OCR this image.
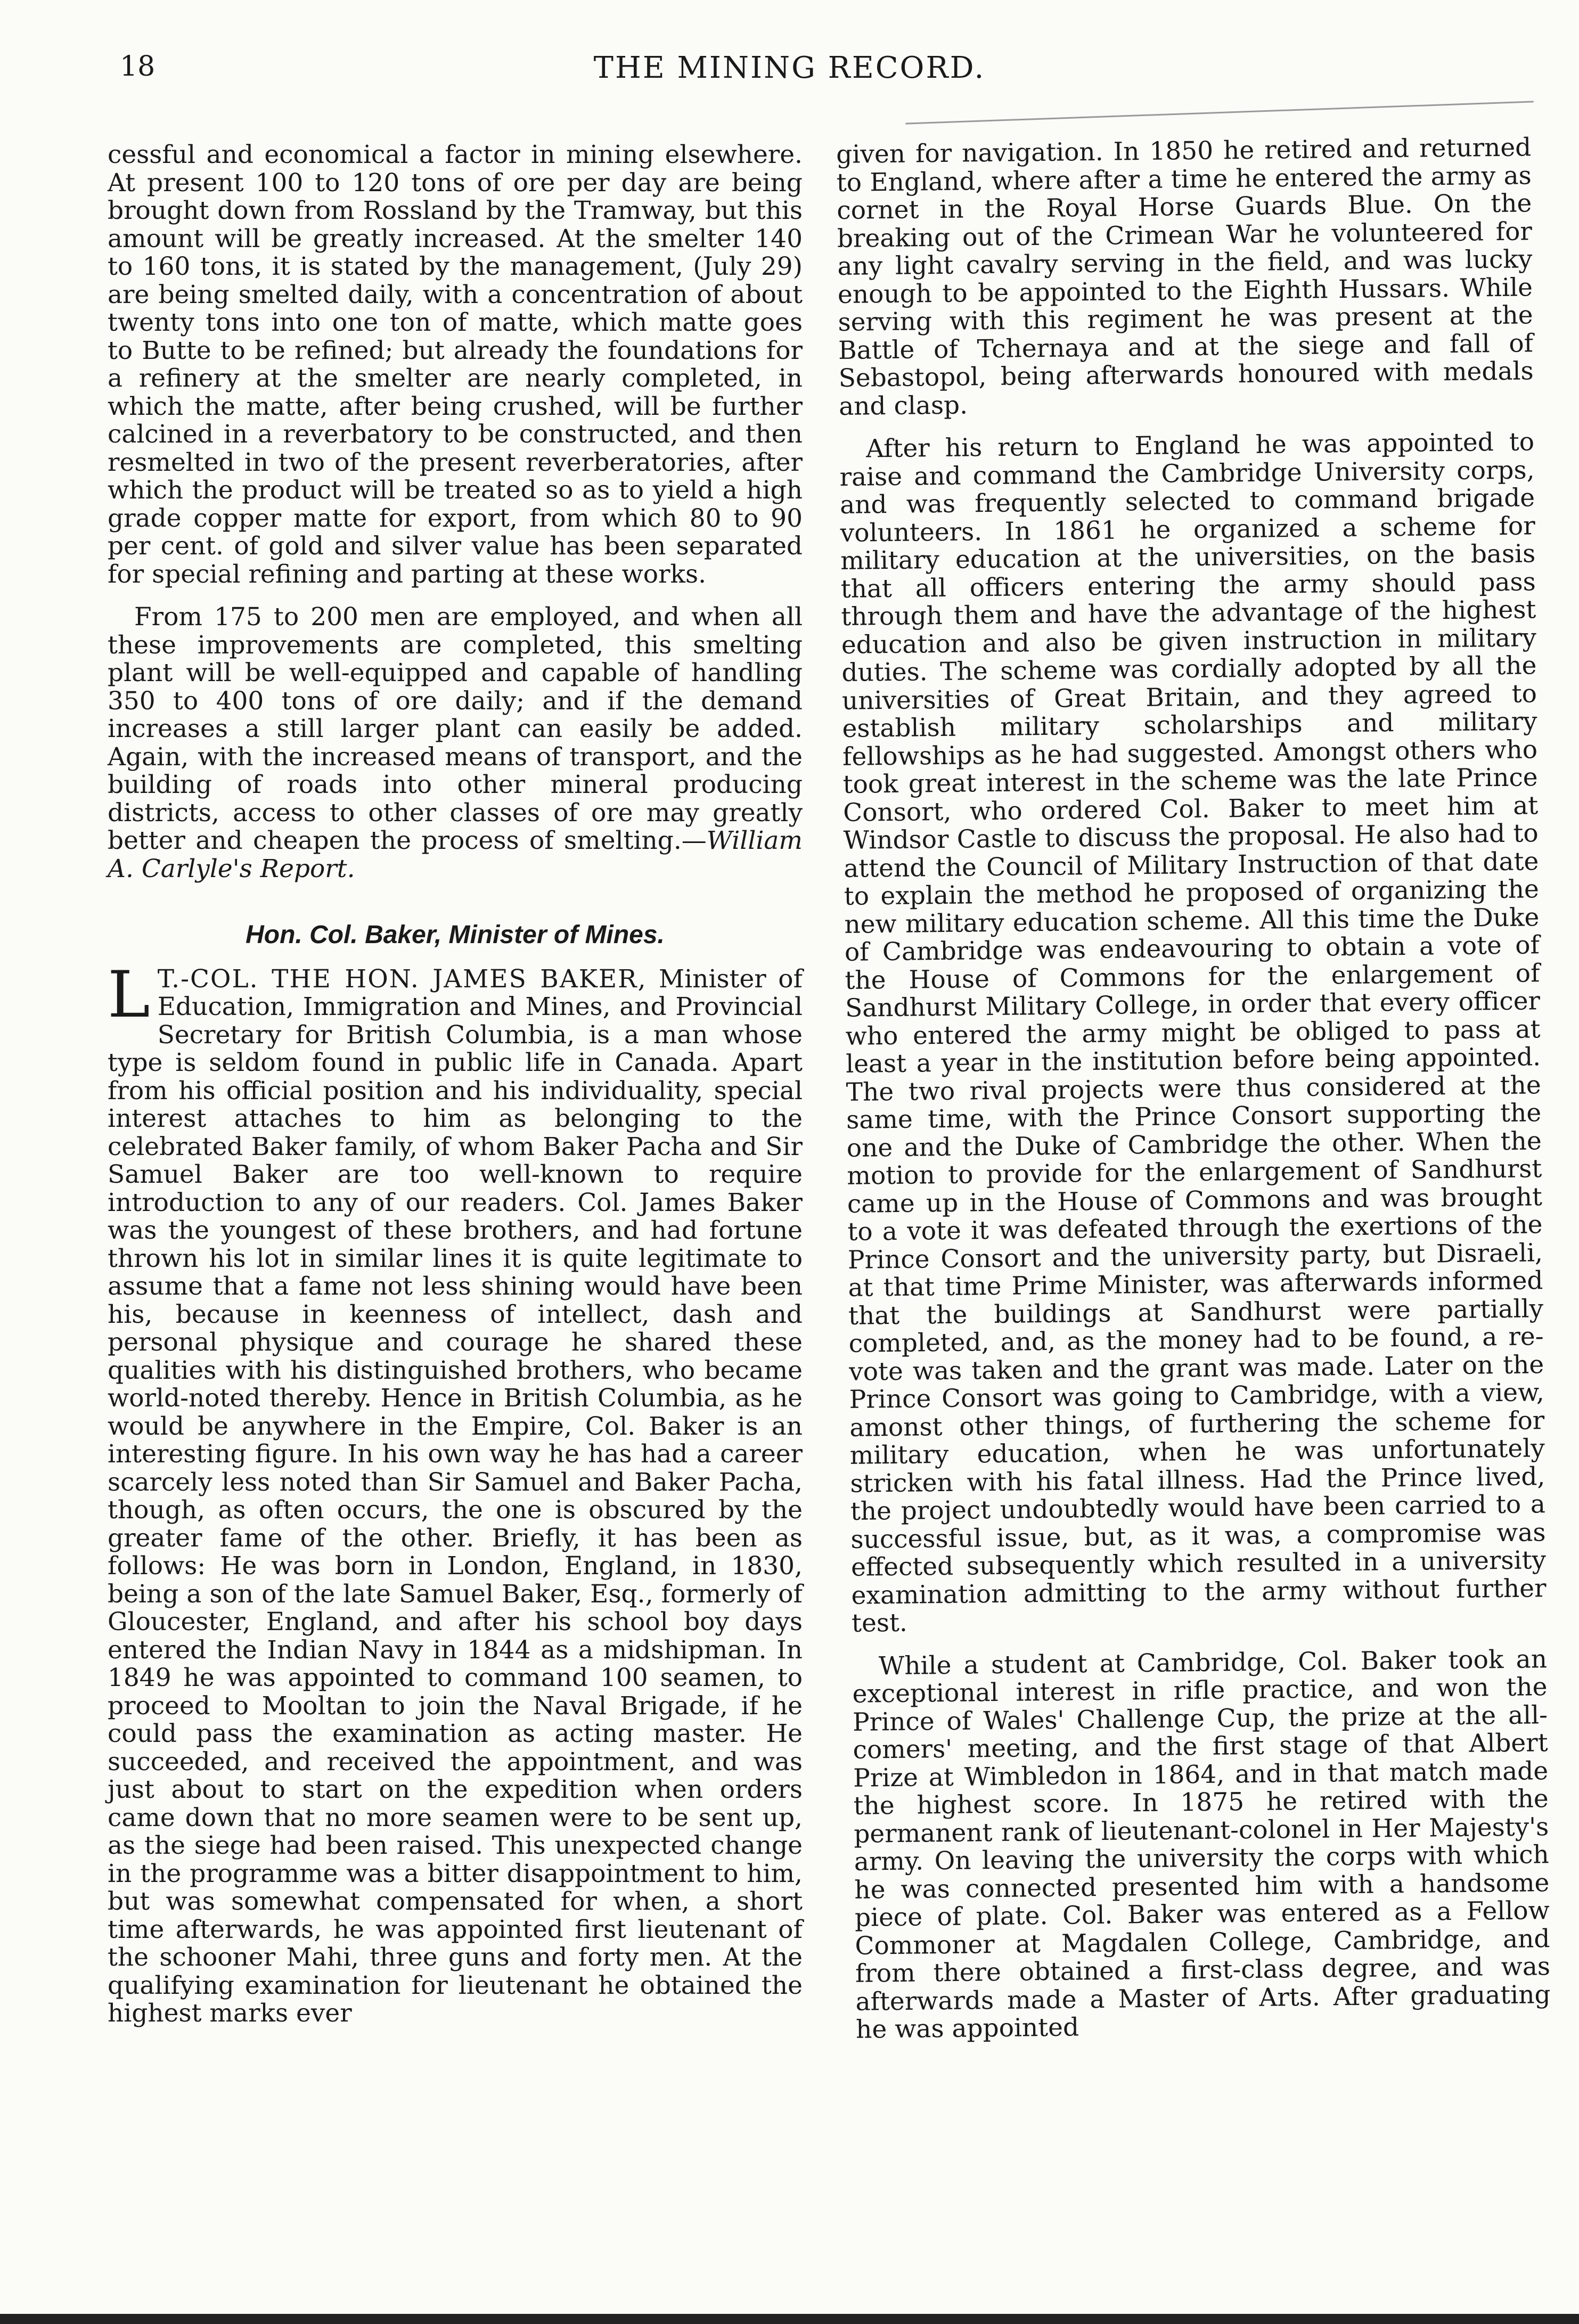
18	THE MINING RECORD.

cessful and economical a factor in mining elsewhere. At present 100 to 120 tons of ore per day are being brought down from Rossland by the Tramway, but this amount will be greatly increased. At the smelter 140 to 160 tons, it is stated by the management, (July 29) are being smelted daily, with a concentration of about twenty tons into one ton of matte, which matte goes to Butte to be refined; but already the foundations for a refinery at the smelter are nearly completed, in which the matte, after being crushed, will be further calcined in a reverbatory to be constructed, and then resmelted in two of the present reverberatories, after which the product will be treated so as to yield a high grade copper matte for export, from which 80 to 90 per cent. of gold and silver value has been separated for special refining and parting at these works.

From 175 to 200 men are employed, and when all these improvements are completed, this smelting plant will be well-equipped and capable of handling 350 to 400 tons of ore daily; and if the demand increases a still larger plant can easily be added. Again, with the increased means of transport, and the building of roads into other mineral producing districts, access to other classes of ore may greatly better and cheapen the process of smelting.—William A. Carlyle's Report.

Hon. Col. Baker, Minister of Mines.

L T.-COL. THE HON. JAMES BAKER, Minister of Education, Immigration and Mines, and Provincial Secretary for British Columbia, is a man whose type is seldom found in public life in Canada. Apart from his official position and his individuality, special interest attaches to him as belonging to the celebrated Baker family, of whom Baker Pacha and Sir Samuel Baker are too well-known to require introduction to any of our readers. Col. James Baker was the youngest of these brothers, and had fortune thrown his lot in similar lines it is quite legitimate to assume that a fame not less shining would have been his, because in keenness of intellect, dash and personal physique and courage he shared these qualities with his distinguished brothers, who became world-noted thereby. Hence in British Columbia, as he would be anywhere in the Empire, Col. Baker is an interesting figure. In his own way he has had a career scarcely less noted than Sir Samuel and Baker Pacha, though, as often occurs, the one is obscured by the greater fame of the other. Briefly, it has been as follows: He was born in London, England, in 1830, being a son of the late Samuel Baker, Esq., formerly of Gloucester, England, and after his school boy days entered the Indian Navy in 1844 as a midshipman. In 1849 he was appointed to command 100 seamen, to proceed to Mooltan to join the Naval Brigade, if he could pass the examination as acting master. He succeeded, and received the appointment, and was just about to start on the expedition when orders came down that no more seamen were to be sent up, as the siege had been raised. This unexpected change in the programme was a bitter disappointment to him, but was somewhat compensated for when, a short time afterwards, he was appointed first lieutenant of the schooner Mahi, three guns and forty men. At the qualifying examination for lieutenant he obtained the highest marks ever

given for navigation. In 1850 he retired and returned to England, where after a time he entered the army as cornet in the Royal Horse Guards Blue. On the breaking out of the Crimean War he volunteered for any light cavalry serving in the field, and was lucky enough to be appointed to the Eighth Hussars. While serving with this regiment he was present at the Battle of Tchernaya and at the siege and fall of Sebastopol, being afterwards honoured with medals and clasp.

After his return to England he was appointed to raise and command the Cambridge University corps, and was frequently selected to command brigade volunteers. In 1861 he organized a scheme for military education at the universities, on the basis that all officers entering the army should pass through them and have the advantage of the highest education and also be given instruction in military duties. The scheme was cordially adopted by all the universities of Great Britain, and they agreed to establish military scholarships and military fellowships as he had suggested. Amongst others who took great interest in the scheme was the late Prince Consort, who ordered Col. Baker to meet him at Windsor Castle to discuss the proposal. He also had to attend the Council of Military Instruction of that date to explain the method he proposed of organizing the new military education scheme. All this time the Duke of Cambridge was endeavouring to obtain a vote of the House of Commons for the enlargement of Sandhurst Military College, in order that every officer who entered the army might be obliged to pass at least a year in the institution before being appointed. The two rival projects were thus considered at the same time, with the Prince Consort supporting the one and the Duke of Cambridge the other. When the motion to provide for the enlargement of Sandhurst came up in the House of Commons and was brought to a vote it was defeated through the exertions of the Prince Consort and the university party, but Disraeli, at that time Prime Minister, was afterwards informed that the buildings at Sandhurst were partially completed, and, as the money had to be found, a re-vote was taken and the grant was made. Later on the Prince Consort was going to Cambridge, with a view, amonst other things, of furthering the scheme for military education, when he was unfortunately stricken with his fatal illness. Had the Prince lived, the project undoubtedly would have been carried to a successful issue, but, as it was, a compromise was effected subsequently which resulted in a university examination admitting to the army without further test.

While a student at Cambridge, Col. Baker took an exceptional interest in rifle practice, and won the Prince of Wales' Challenge Cup, the prize at the all-comers' meeting, and the first stage of that Albert Prize at Wimbledon in 1864, and in that match made the highest score. In 1875 he retired with the permanent rank of lieutenant-colonel in Her Majesty's army. On leaving the university the corps with which he was connected presented him with a handsome piece of plate. Col. Baker was entered as a Fellow Commoner at Magdalen College, Cambridge, and from there obtained a first-class degree, and was afterwards made a Master of Arts. After graduating he was appointed
